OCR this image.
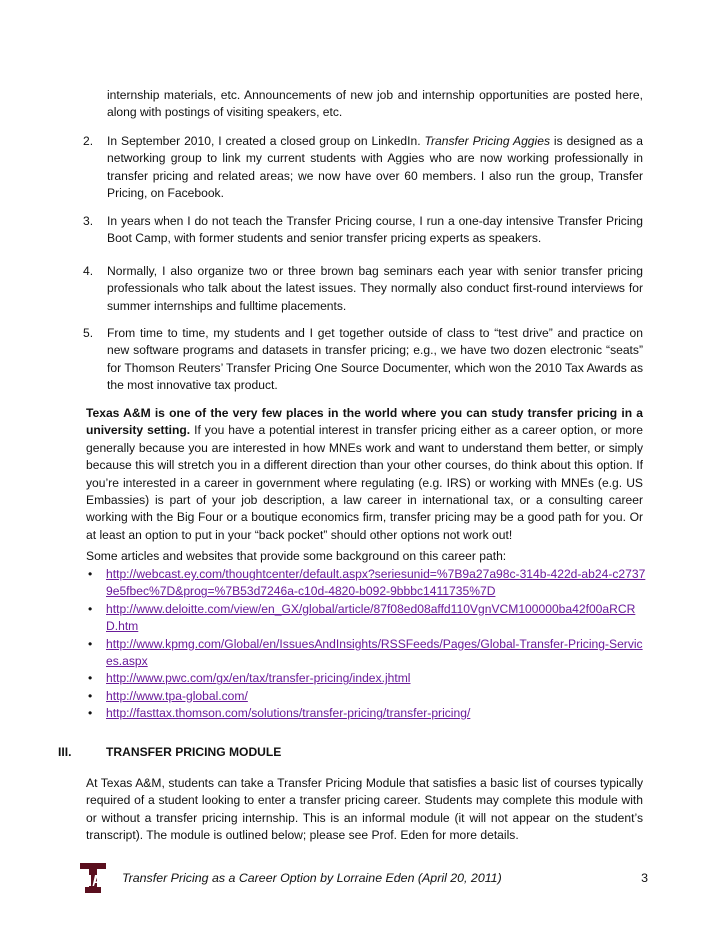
internship materials, etc. Announcements of new job and internship opportunities are posted here, along with postings of visiting speakers, etc.
2. In September 2010, I created a closed group on LinkedIn. Transfer Pricing Aggies is designed as a networking group to link my current students with Aggies who are now working professionally in transfer pricing and related areas; we now have over 60 members. I also run the group, Transfer Pricing, on Facebook.
3. In years when I do not teach the Transfer Pricing course, I run a one-day intensive Transfer Pricing Boot Camp, with former students and senior transfer pricing experts as speakers.
4. Normally, I also organize two or three brown bag seminars each year with senior transfer pricing professionals who talk about the latest issues. They normally also conduct first-round interviews for summer internships and fulltime placements.
5. From time to time, my students and I get together outside of class to “test drive” and practice on new software programs and datasets in transfer pricing; e.g., we have two dozen electronic “seats” for Thomson Reuters’ Transfer Pricing One Source Documenter, which won the 2010 Tax Awards as the most innovative tax product.
Texas A&M is one of the very few places in the world where you can study transfer pricing in a university setting. If you have a potential interest in transfer pricing either as a career option, or more generally because you are interested in how MNEs work and want to understand them better, or simply because this will stretch you in a different direction than your other courses, do think about this option. If you’re interested in a career in government where regulating (e.g. IRS) or working with MNEs (e.g. US Embassies) is part of your job description, a law career in international tax, or a consulting career working with the Big Four or a boutique economics firm, transfer pricing may be a good path for you. Or at least an option to put in your “back pocket” should other options not work out!
Some articles and websites that provide some background on this career path:
• http://webcast.ey.com/thoughtcenter/default.aspx?seriesunid=%7B9a27a98c-314b-422d-ab24-c27379e5fbec%7D&prog=%7B53d7246a-c10d-4820-b092-9bbbc1411735%7D
• http://www.deloitte.com/view/en_GX/global/article/87f08ed08affd110VgnVCM100000ba42f00aRCRD.htm
• http://www.kpmg.com/Global/en/IssuesAndInsights/RSSFeeds/Pages/Global-Transfer-Pricing-Services.aspx
• http://www.pwc.com/gx/en/tax/transfer-pricing/index.jhtml
• http://www.tpa-global.com/
• http://fasttax.thomson.com/solutions/transfer-pricing/transfer-pricing/
III.	TRANSFER PRICING MODULE
At Texas A&M, students can take a Transfer Pricing Module that satisfies a basic list of courses typically required of a student looking to enter a transfer pricing career. Students may complete this module with or without a transfer pricing internship. This is an informal module (it will not appear on the student’s transcript). The module is outlined below; please see Prof. Eden for more details.
Transfer Pricing as a Career Option by Lorraine Eden (April 20, 2011)	3
